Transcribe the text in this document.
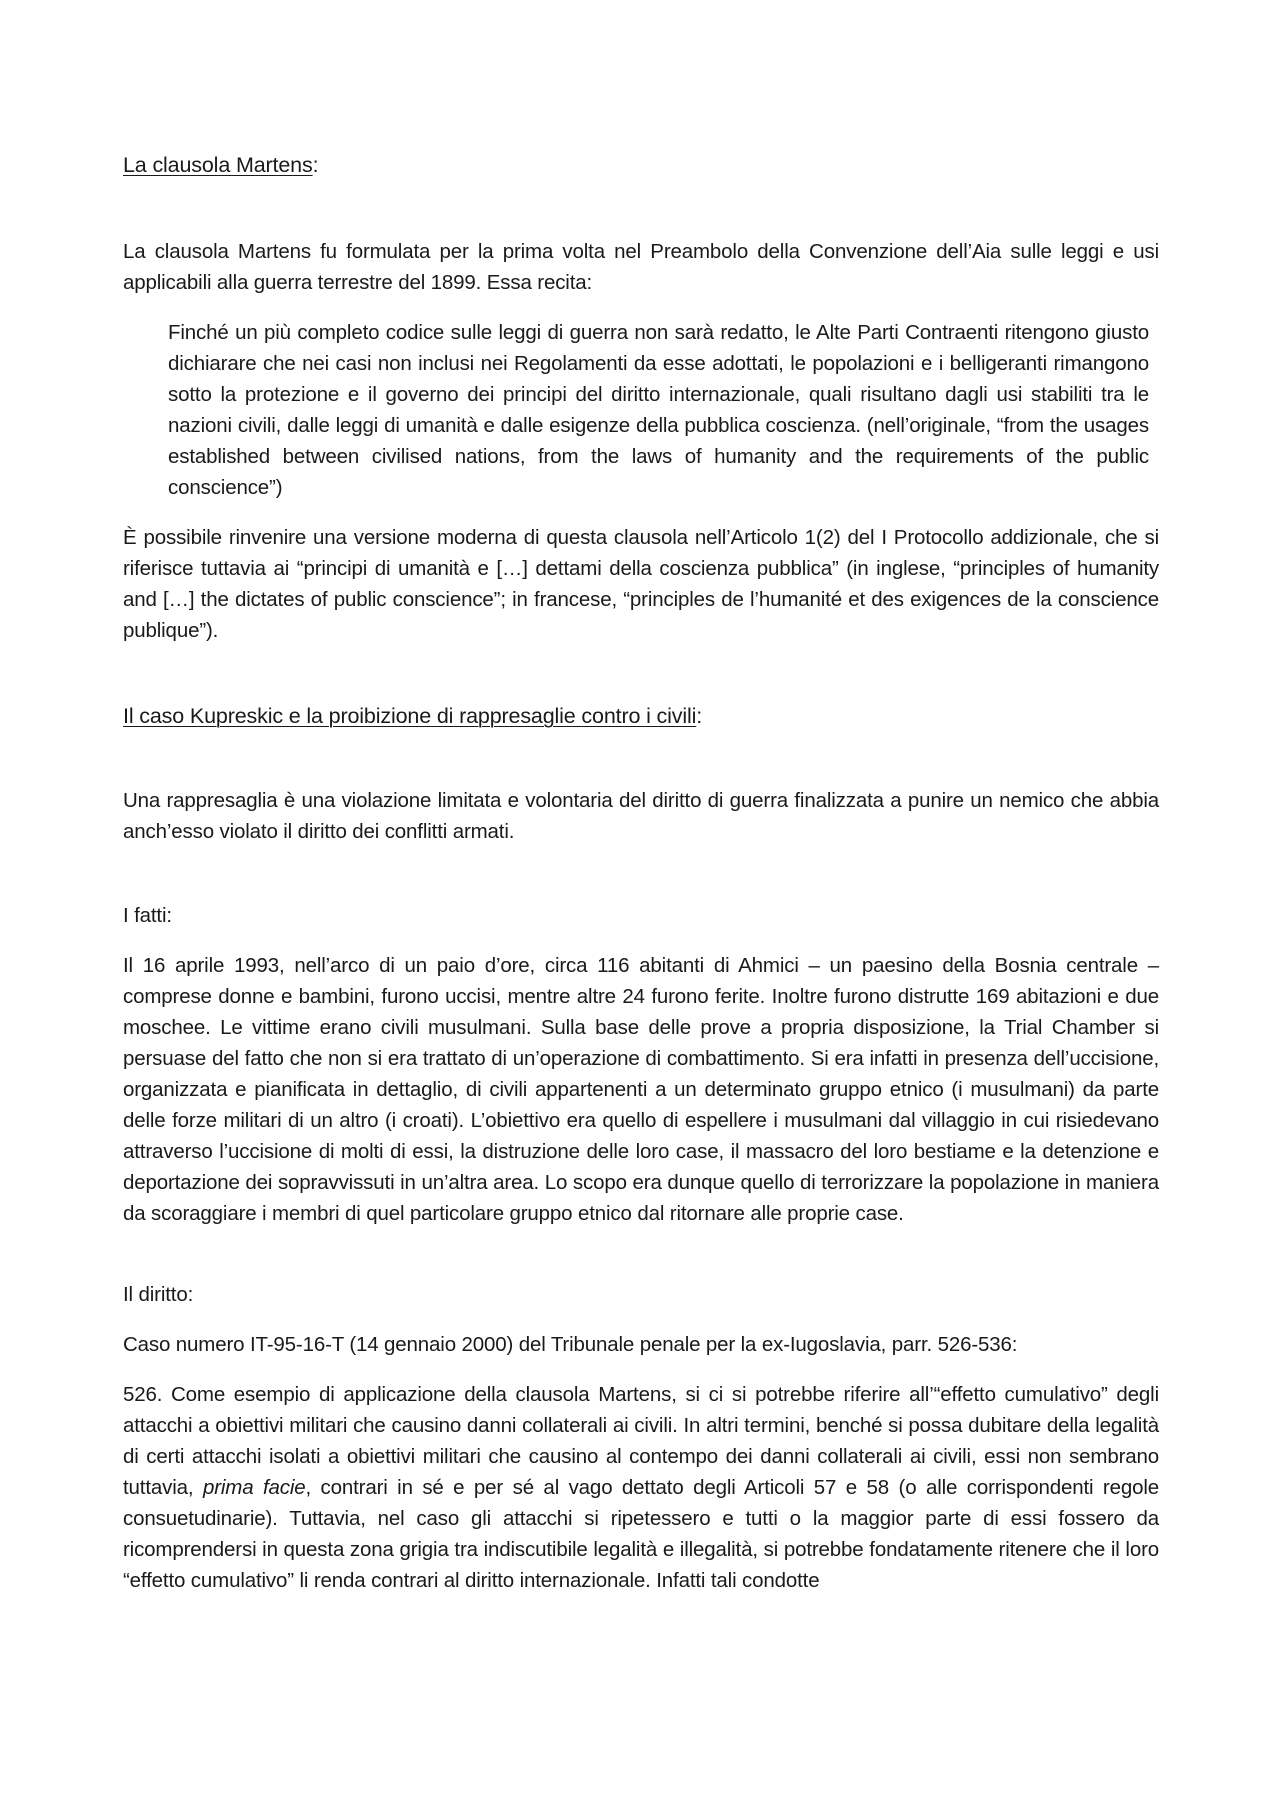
La clausola Martens:

La clausola Martens fu formulata per la prima volta nel Preambolo della Convenzione dell’Aia sulle leggi e usi applicabili alla guerra terrestre del 1899. Essa recita:

Finché un più completo codice sulle leggi di guerra non sarà redatto, le Alte Parti Contraenti ritengono giusto dichiarare che nei casi non inclusi nei Regolamenti da esse adottati, le popolazioni e i belligeranti rimangono sotto la protezione e il governo dei principi del diritto internazionale, quali risultano dagli usi stabiliti tra le nazioni civili, dalle leggi di umanità e dalle esigenze della pubblica coscienza. (nell’originale, “from the usages established between civilised nations, from the laws of humanity and the requirements of the public conscience”)

È possibile rinvenire una versione moderna di questa clausola nell’Articolo 1(2) del I Protocollo addizionale, che si riferisce tuttavia ai “principi di umanità e […] dettami della coscienza pubblica” (in inglese, “principles of humanity and […] the dictates of public conscience”; in francese, “principles de l’humanité et des exigences de la conscience publique”).

Il caso Kupreskic e la proibizione di rappresaglie contro i civili:

Una rappresaglia è una violazione limitata e volontaria del diritto di guerra finalizzata a punire un nemico che abbia anch’esso violato il diritto dei conflitti armati.

I fatti:

Il 16 aprile 1993, nell’arco di un paio d’ore, circa 116 abitanti di Ahmici – un paesino della Bosnia centrale – comprese donne e bambini, furono uccisi, mentre altre 24 furono ferite. Inoltre furono distrutte 169 abitazioni e due moschee. Le vittime erano civili musulmani. Sulla base delle prove a propria disposizione, la Trial Chamber si persuase del fatto che non si era trattato di un’operazione di combattimento. Si era infatti in presenza dell’uccisione, organizzata e pianificata in dettaglio, di civili appartenenti a un determinato gruppo etnico (i musulmani) da parte delle forze militari di un altro (i croati). L’obiettivo era quello di espellere i musulmani dal villaggio in cui risiedevano attraverso l’uccisione di molti di essi, la distruzione delle loro case, il massacro del loro bestiame e la detenzione e deportazione dei sopravvissuti in un’altra area. Lo scopo era dunque quello di terrorizzare la popolazione in maniera da scoraggiare i membri di quel particolare gruppo etnico dal ritornare alle proprie case.

Il diritto:

Caso numero IT-95-16-T (14 gennaio 2000) del Tribunale penale per la ex-Iugoslavia, parr. 526-536:

526. Come esempio di applicazione della clausola Martens, si ci si potrebbe riferire all’“effetto cumulativo” degli attacchi a obiettivi militari che causino danni collaterali ai civili. In altri termini, benché si possa dubitare della legalità di certi attacchi isolati a obiettivi militari che causino al contempo dei danni collaterali ai civili, essi non sembrano tuttavia, prima facie, contrari in sé e per sé al vago dettato degli Articoli 57 e 58 (o alle corrispondenti regole consuetudinarie). Tuttavia, nel caso gli attacchi si ripetessero e tutti o la maggior parte di essi fossero da ricomprendersi in questa zona grigia tra indiscutibile legalità e illegalità, si potrebbe fondatamente ritenere che il loro “effetto cumulativo” li renda contrari al diritto internazionale. Infatti tali condotte
